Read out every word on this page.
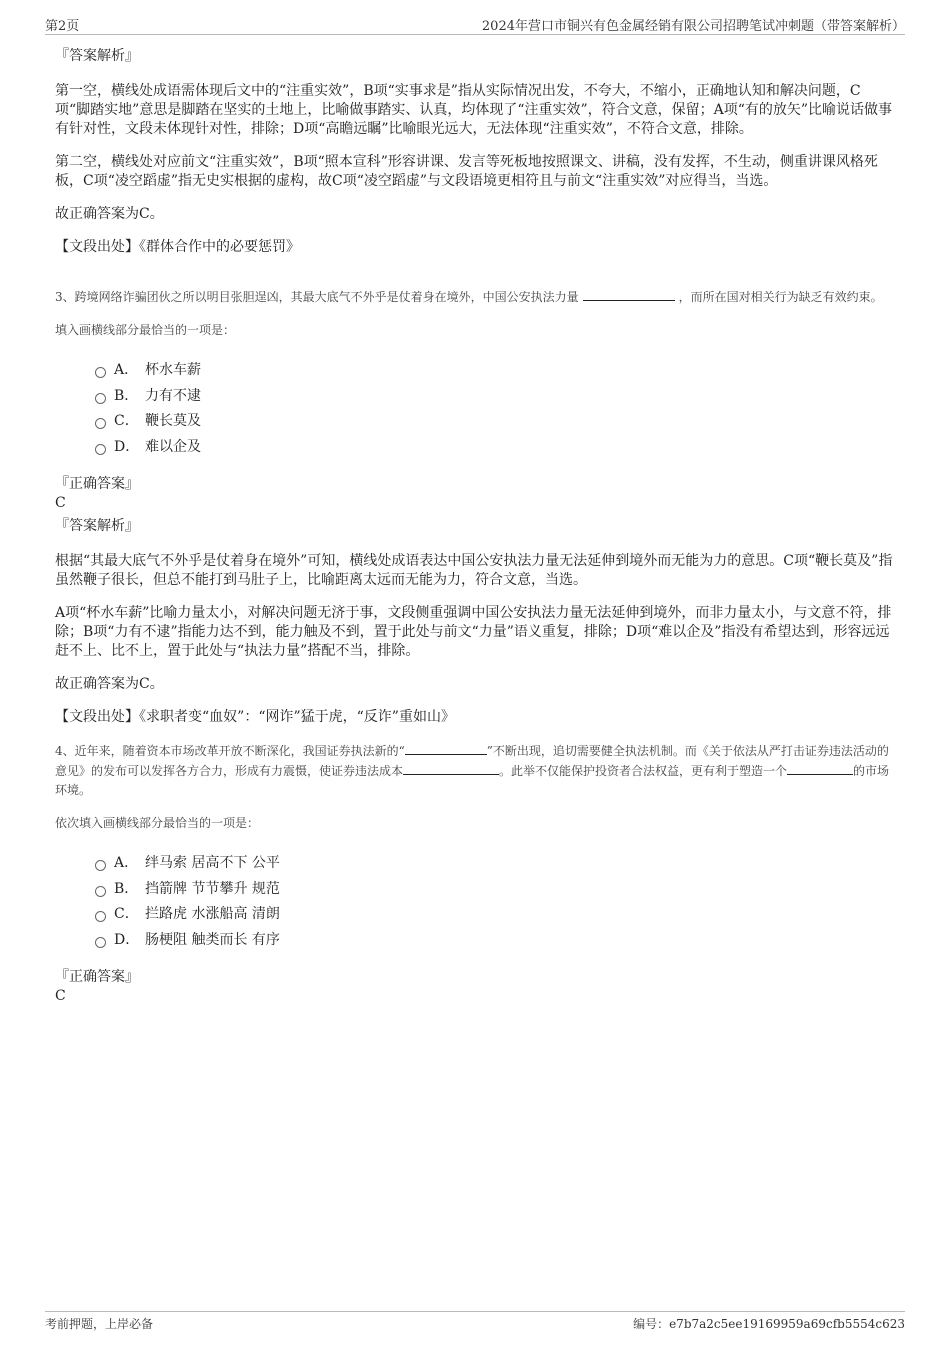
第2页	2024年营口市铜兴有色金属经销有限公司招聘笔试冲刺题（带答案解析）
『答案解析』

第一空，横线处成语需体现后文中的“注重实效”，B项“实事求是”指从实际情况出发，不夸大，不缩小，正确地认知和解决问题，C项“脚踏实地”意思是脚踏在坚实的土地上，比喻做事踏实、认真，均体现了“注重实效”，符合文意，保留；A项“有的放矢”比喻说话做事有针对性，文段未体现针对性，排除；D项“高瞻远瞩”比喻眼光远大，无法体现“注重实效”，不符合文意，排除。

第二空，横线处对应前文“注重实效”，B项“照本宣科”形容讲课、发言等死板地按照课文、讲稿，没有发挥，不生动，侧重讲课风格死板，C项“凌空蹈虚”指无史实根据的虚构，故C项“凌空蹈虚”与文段语境更相符且与前文“注重实效”对应得当，当选。

故正确答案为C。

【文段出处】《群体合作中的必要惩罚》

3、跨境网络诈骗团伙之所以明目张胆逞凶，其最大底气不外乎是仗着身在境外，中国公安执法力量	，而所在国对相关行为缺乏有效约束。

填入画横线部分最恰当的一项是：

A． 杯水车薪
B． 力有不逮
C． 鞭长莫及
D． 难以企及
『正确答案』
C
『答案解析』

根据“其最大底气不外乎是仗着身在境外”可知，横线处成语表达中国公安执法力量无法延伸到境外而无能为力的意思。C项“鞭长莫及”指虽然鞭子很长，但总不能打到马肚子上，比喻距离太远而无能为力，符合文意，当选。

A项“杯水车薪”比喻力量太小，对解决问题无济于事，文段侧重强调中国公安执法力量无法延伸到境外，而非力量太小，与文意不符，排除；B项“力有不逮”指能力达不到，能力触及不到，置于此处与前文“力量”语义重复，排除；D项“难以企及”指没有希望达到，形容远远赶不上、比不上，置于此处与“执法力量”搭配不当，排除。

故正确答案为C。

【文段出处】《求职者变“血奴”：“网诈”猛于虎，“反诈”重如山》

4、近年来，随着资本市场改革开放不断深化，我国证券执法新的“	”不断出现，追切需要健全执法机制。而《关于依法从严打击证券违法活动的意见》的发布可以发挥各方合力，形成有力震慑，使证券违法成本	。此举不仅能保护投资者合法权益，更有利于塑造一个	的市场环境。

依次填入画横线部分最恰当的一项是：

A． 绊马索 居高不下 公平
B． 挡箭牌 节节攀升 规范
C． 拦路虎 水涨船高 清朗
D． 肠梗阻 触类而长 有序
『正确答案』
C
考前押题，上岸必备	编号：e7b7a2c5ee19169959a69cfb5554c623
